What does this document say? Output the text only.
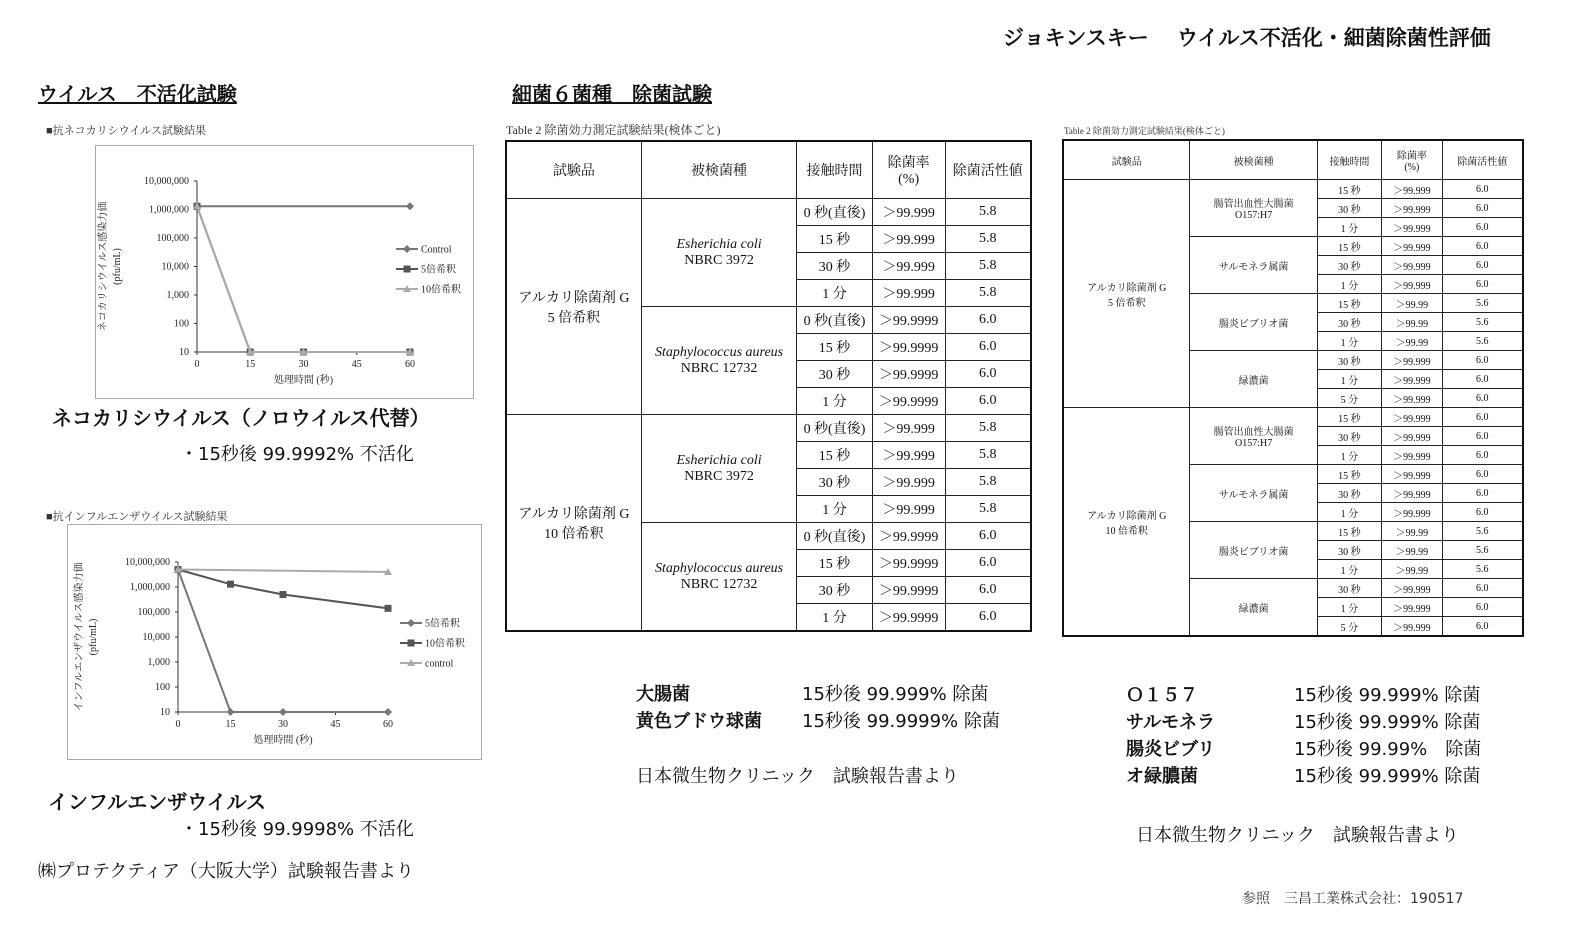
ジョキンスキー　 ウイルス不活化・細菌除菌性評価
ウイルス　不活化試験
■抗ネコカリシウイルス試験結果
10,000,000
1,000,000
100,000
10,000
1,000
100
10
0	15	30	45	60
処理時間 (秒)
ネコカリシウイルス感染力価 (pfu/mL)	Control
5倍希釈
10倍希釈
ネコカリシウイルス（ノロウイルス代替）
・15秒後 99.9992% 不活化
■抗インフルエンザウイルス試験結果
10,000,000
1,000,000
100,000
10,000
1,000
100
10
0	15	30	45	60
処理時間 (秒)
インフルエンザウイルス感染力価 (pfu/mL)	5倍希釈
10倍希釈
control
インフルエンザウイルス
・15秒後 99.9998% 不活化
㈱プロテクティア（大阪大学）試験報告書より
細菌６菌種　除菌試験
Table 2 除菌効力測定試験結果(検体ごと)
試験品	被検菌種	接触時間	除菌率
(%)	除菌活性値
アルカリ除菌剤 G
5 倍希釈	Esherichia coli
NBRC 3972	0 秒(直後)	＞99.999	5.8
		15 秒	＞99.999	5.8
		30 秒	＞99.999	5.8
		1 分	＞99.999	5.8
	Staphylococcus aureus
NBRC 12732	0 秒(直後)	＞99.9999	6.0
		15 秒	＞99.9999	6.0
		30 秒	＞99.9999	6.0
		1 分	＞99.9999	6.0
アルカリ除菌剤 G
10 倍希釈	Esherichia coli
NBRC 3972	0 秒(直後)	＞99.999	5.8
		15 秒	＞99.999	5.8
		30 秒	＞99.999	5.8
		1 分	＞99.999	5.8
	Staphylococcus aureus
NBRC 12732	0 秒(直後)	＞99.9999	6.0
		15 秒	＞99.9999	6.0
		30 秒	＞99.9999	6.0
		1 分	＞99.9999	6.0
大腸菌	15秒後 99.999% 除菌
黄色ブドウ球菌	15秒後 99.9999% 除菌
日本微生物クリニック　試験報告書より
Table 2 除菌効力測定試験結果(検体ごと)
試験品	被検菌種	接触時間	除菌率
(%)	除菌活性値
アルカリ除菌剤 G
5 倍希釈	腸管出血性大腸菌
O157:H7	15 秒	＞99.999	6.0
		30 秒	＞99.999	6.0
		1 分	＞99.999	6.0
	サルモネラ属菌	15 秒	＞99.999	6.0
		30 秒	＞99.999	6.0
		1 分	＞99.999	6.0
	腸炎ビブリオ菌	15 秒	＞99.99	5.6
		30 秒	＞99.99	5.6
		1 分	＞99.99	5.6
	緑濃菌	30 秒	＞99.999	6.0
		1 分	＞99.999	6.0
		5 分	＞99.999	6.0
アルカリ除菌剤 G
10 倍希釈	腸管出血性大腸菌
O157:H7	15 秒	＞99.999	6.0
		30 秒	＞99.999	6.0
		1 分	＞99.999	6.0
	サルモネラ属菌	15 秒	＞99.999	6.0
		30 秒	＞99.999	6.0
		1 分	＞99.999	6.0
	腸炎ビブリオ菌	15 秒	＞99.99	5.6
		30 秒	＞99.99	5.6
		1 分	＞99.99	5.6
	緑濃菌	30 秒	＞99.999	6.0
		1 分	＞99.999	6.0
		5 分	＞99.999	6.0
Ｏ１５７	15秒後 99.999% 除菌
サルモネラ	15秒後 99.999% 除菌
腸炎ビブリ	15秒後 99.99%　除菌
オ緑膿菌	15秒後 99.999% 除菌
日本微生物クリニック　試験報告書より
参照　三昌工業株式会社：190517
